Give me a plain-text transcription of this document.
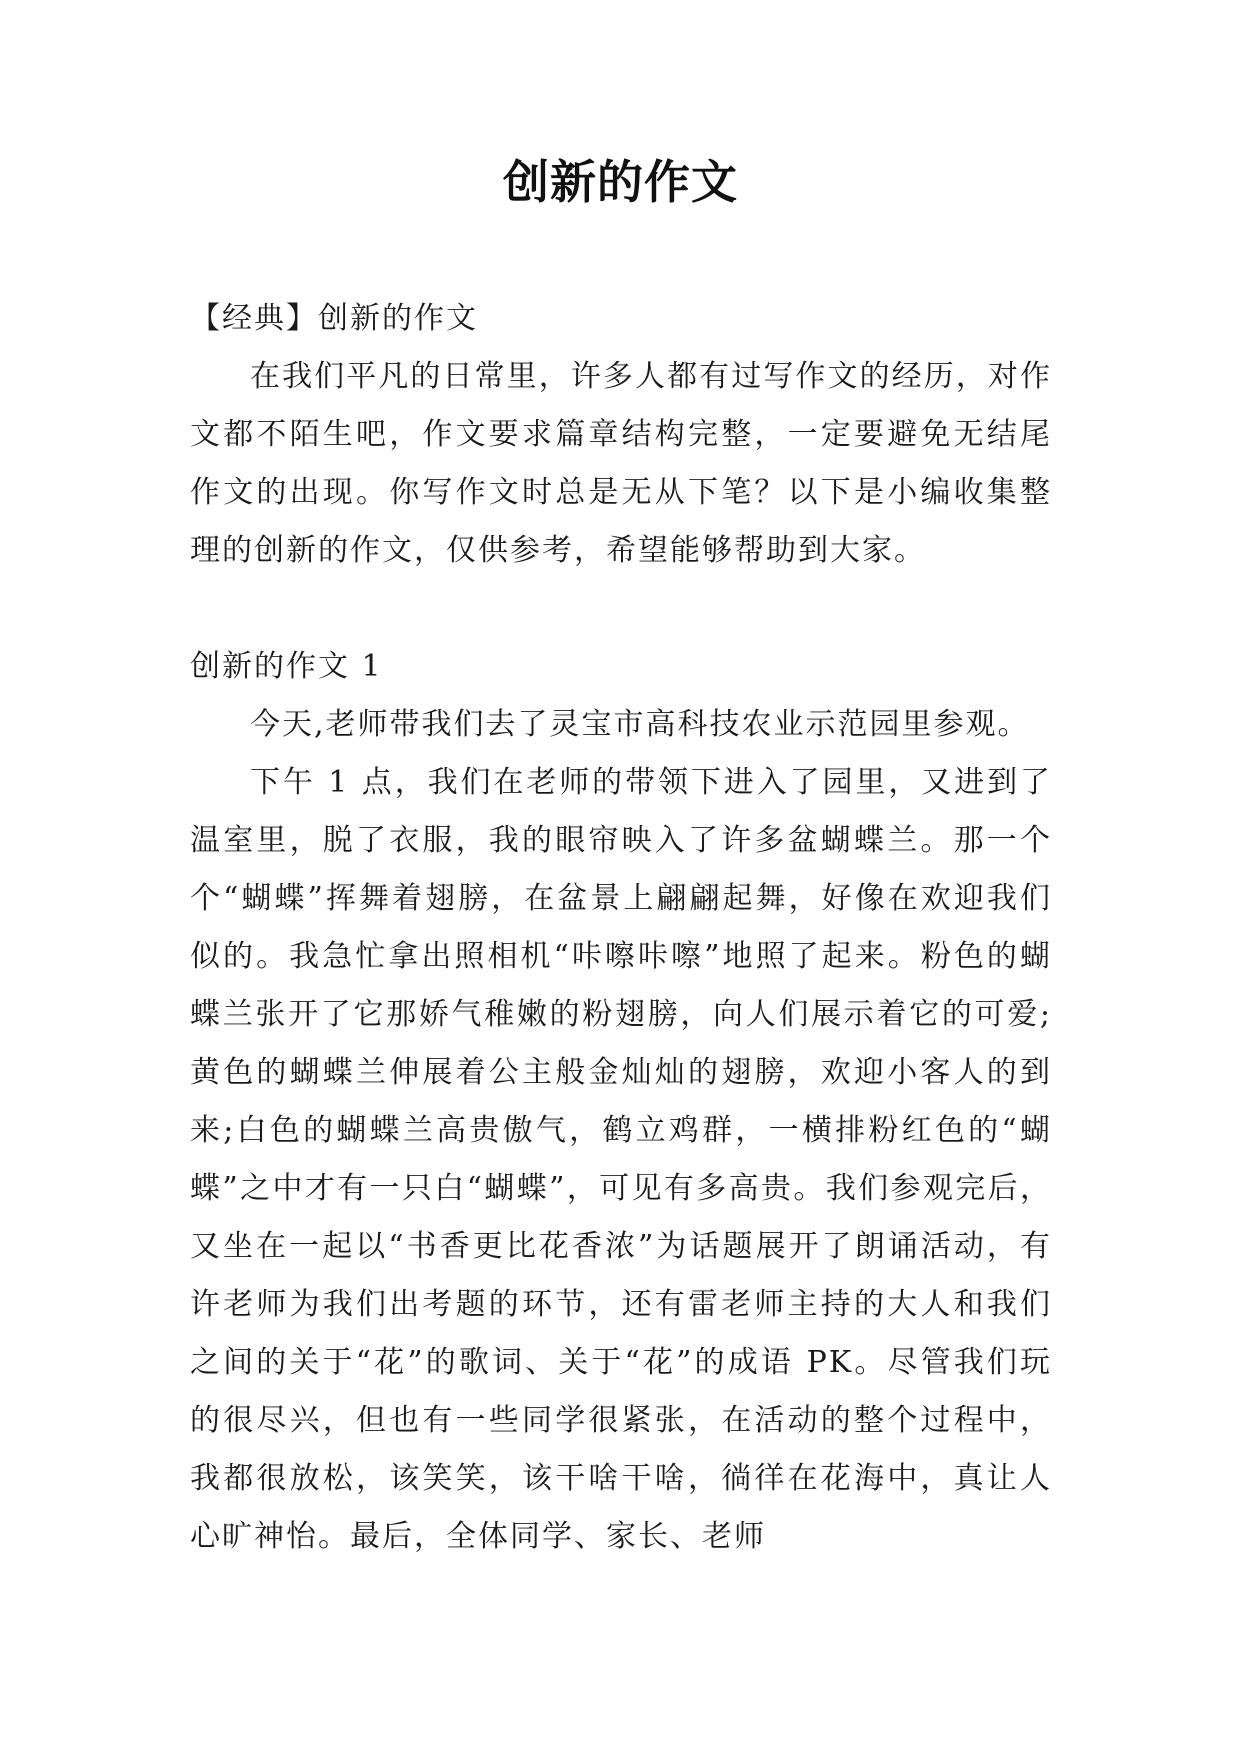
创新的作文
【经典】创新的作文

在我们平凡的日常里，许多人都有过写作文的经历，对作文都不陌生吧，作文要求篇章结构完整，一定要避免无结尾作文的出现。你写作文时总是无从下笔？以下是小编收集整理的创新的作文，仅供参考，希望能够帮助到大家。

创新的作文 1

今天,老师带我们去了灵宝市高科技农业示范园里参观。

下午 1 点，我们在老师的带领下进入了园里，又进到了温室里，脱了衣服，我的眼帘映入了许多盆蝴蝶兰。那一个个“蝴蝶”挥舞着翅膀，在盆景上翩翩起舞，好像在欢迎我们似的。我急忙拿出照相机“咔嚓咔嚓”地照了起来。粉色的蝴蝶兰张开了它那娇气稚嫩的粉翅膀，向人们展示着它的可爱;黄色的蝴蝶兰伸展着公主般金灿灿的翅膀，欢迎小客人的到来;白色的蝴蝶兰高贵傲气，鹤立鸡群，一横排粉红色的“蝴蝶”之中才有一只白“蝴蝶”，可见有多高贵。我们参观完后，又坐在一起以“书香更比花香浓”为话题展开了朗诵活动，有许老师为我们出考题的环节，还有雷老师主持的大人和我们之间的关于“花”的歌词、关于“花”的成语 PK。尽管我们玩的很尽兴，但也有一些同学很紧张，在活动的整个过程中，我都很放松，该笑笑，该干啥干啥，徜徉在花海中，真让人心旷神怡。最后，全体同学、家长、老师
